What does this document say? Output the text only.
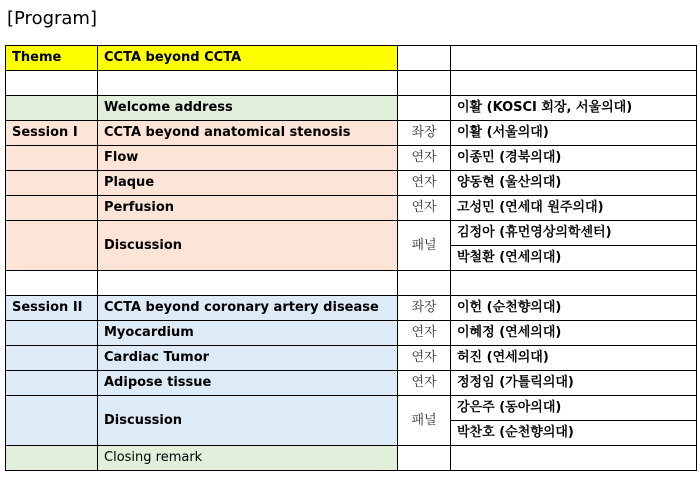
[Program]
Theme	CCTA beyond CCTA		

	Welcome address		이활 (KOSCI 회장, 서울의대)
Session I	CCTA beyond anatomical stenosis	좌장	이활 (서울의대)
	Flow	연자	이종민 (경북의대)
	Plaque	연자	양동현 (울산의대)
	Perfusion	연자	고성민 (연세대 원주의대)
	Discussion	패널	김정아 (휴먼영상의학센터)
			박철환 (연세의대)

Session II	CCTA beyond coronary artery disease	좌장	이헌 (순천향의대)
	Myocardium	연자	이혜정 (연세의대)
	Cardiac Tumor	연자	허진 (연세의대)
	Adipose tissue	연자	정정임 (가톨릭의대)
	Discussion	패널	강은주 (동아의대)
			박찬호 (순천향의대)
	Closing remark		
